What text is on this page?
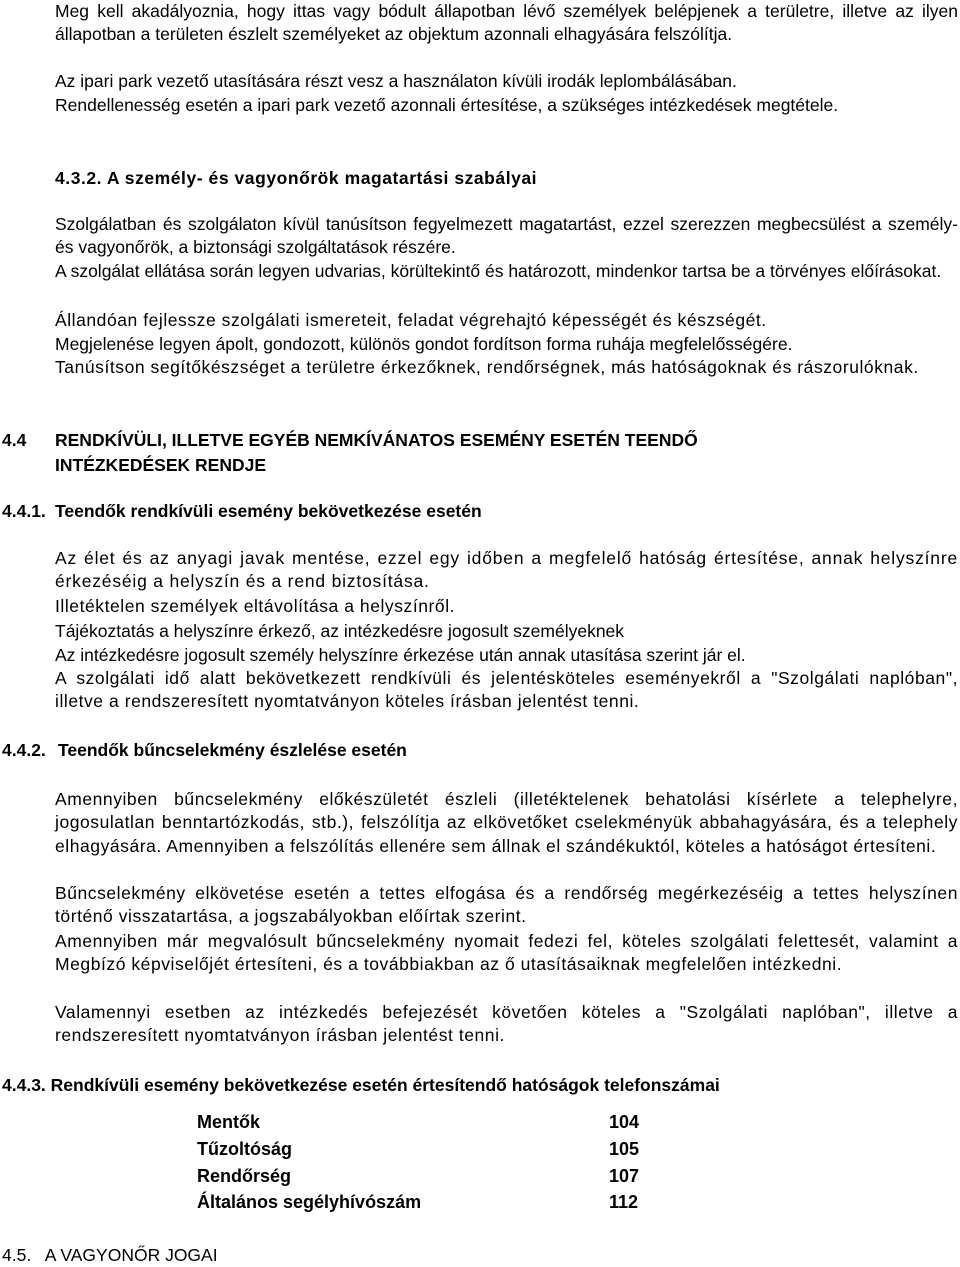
Meg kell akadályoznia, hogy ittas vagy bódult állapotban lévő személyek belépjenek a területre, illetve az ilyen állapotban a területen észlelt személyeket az objektum azonnali elhagyására felszólítja.

Az ipari park vezető utasítására részt vesz a használaton kívüli irodák leplombálásában.

Rendellenesség esetén a ipari park vezető azonnali értesítése, a szükséges intézkedések megtétele.

4.3.2. A személy- és vagyonőrök magatartási szabályai

Szolgálatban és szolgálaton kívül tanúsítson fegyelmezett magatartást, ezzel szerezzen megbecsülést a személy- és vagyonőrök, a biztonsági szolgáltatások részére.

A szolgálat ellátása során legyen udvarias, körültekintő és határozott, mindenkor tartsa be a törvényes előírásokat.

Állandóan fejlessze szolgálati ismereteit, feladat végrehajtó képességét és készségét.

Megjelenése legyen ápolt, gondozott, különös gondot fordítson forma ruhája megfelelősségére.

Tanúsítson segítőkészséget a területre érkezőknek, rendőrségnek, más hatóságoknak és rászorulóknak.

4.4 RENDKÍVÜLI, ILLETVE EGYÉB NEMKÍVÁNATOS ESEMÉNY ESETÉN TEENDŐ
INTÉZKEDÉSEK RENDJE
4.4.1. Teendők rendkívüli esemény bekövetkezése esetén

Az élet és az anyagi javak mentése, ezzel egy időben a megfelelő hatóság értesítése, annak helyszínre érkezéséig a helyszín és a rend biztosítása.

Illetéktelen személyek eltávolítása a helyszínről.

Tájékoztatás a helyszínre érkező, az intézkedésre jogosult személyeknek

Az intézkedésre jogosult személy helyszínre érkezése után annak utasítása szerint jár el.

A szolgálati idő alatt bekövetkezett rendkívüli és jelentésköteles eseményekről a "Szolgálati naplóban", illetve a rendszeresített nyomtatványon köteles írásban jelentést tenni.

4.4.2. Teendők bűncselekmény észlelése esetén

Amennyiben bűncselekmény előkészületét észleli (illetéktelenek behatolási kísérlete a telephelyre, jogosulatlan benntartózkodás, stb.), felszólítja az elkövetőket cselekményük abbahagyására, és a telephely elhagyására. Amennyiben a felszólítás ellenére sem állnak el szándékuktól, köteles a hatóságot értesíteni.

Bűncselekmény elkövetése esetén a tettes elfogása és a rendőrség megérkezéséig a tettes helyszínen történő visszatartása, a jogszabályokban előírtak szerint.

Amennyiben már megvalósult bűncselekmény nyomait fedezi fel, köteles szolgálati felettesét, valamint a Megbízó képviselőjét értesíteni, és a továbbiakban az ő utasításaiknak megfelelően intézkedni.

Valamennyi esetben az intézkedés befejezését követően köteles a "Szolgálati naplóban", illetve a rendszeresített nyomtatványon írásban jelentést tenni.

4.4.3. Rendkívüli esemény bekövetkezése esetén értesítendő hatóságok telefonszámai

Mentők	104
Tűzoltóság	105
Rendőrség	107
Általános segélyhívószám	112

4.5.   A VAGYONŐR JOGAI
